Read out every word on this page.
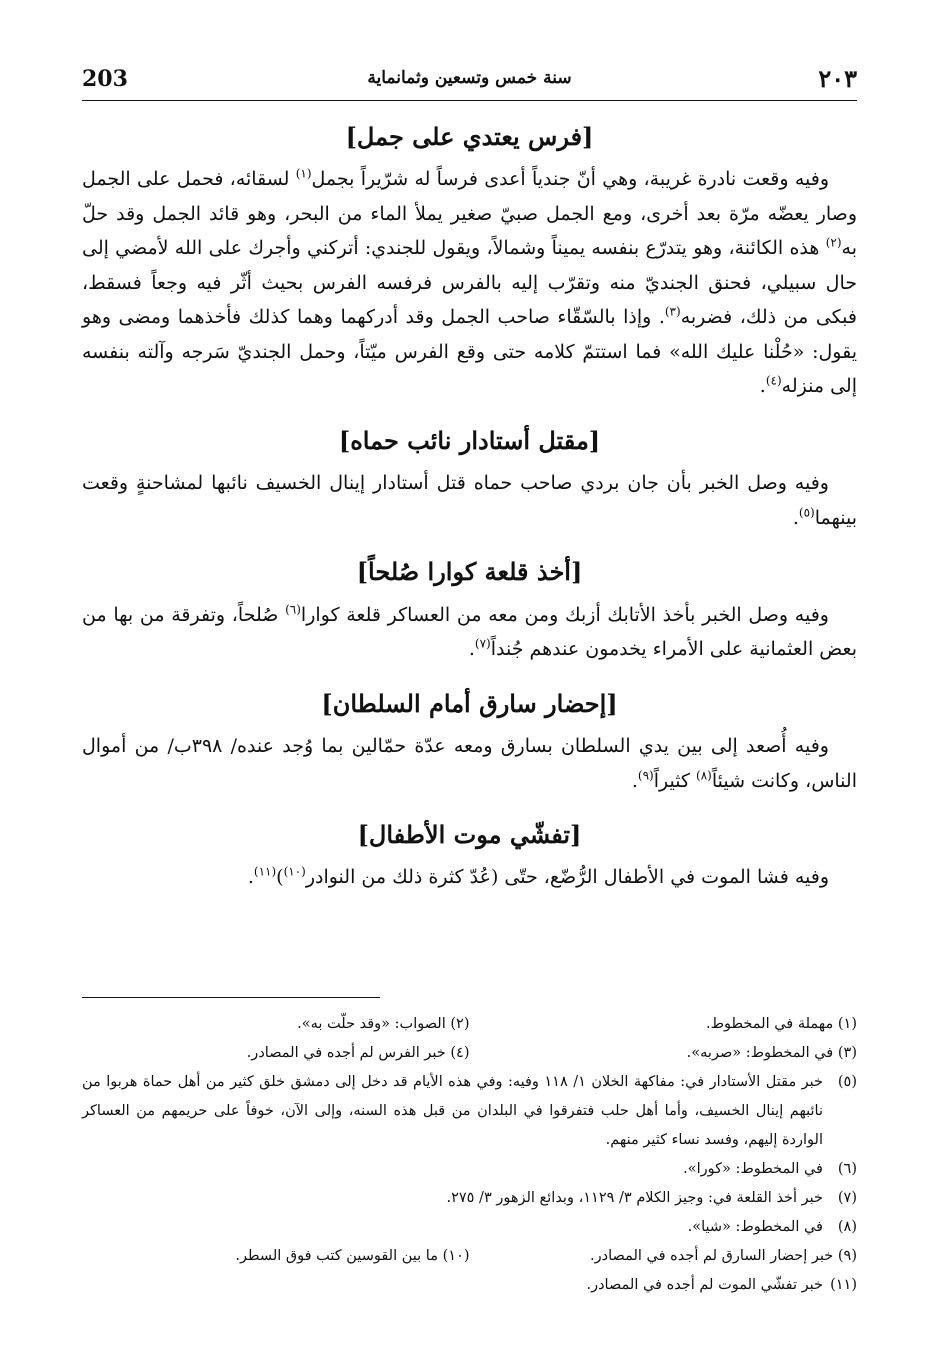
203	سنة خمس وتسعين وثمانماية	٢٠٣
[فرس يعتدي على جمل]

وفيه وقعت نادرة غريبة، وهي أنّ جندياً أعدى فرساً له شرّيراً بجمل$^{(١)}$ لسقائه، فحمل على الجمل وصار يعضّه مرّة بعد أخرى، ومع الجمل صبيّ صغير يملأ الماء من البحر، وهو قائد الجمل وقد حلّ به$^{(٢)}$ هذه الكائنة، وهو يتدرّع بنفسه يميناً وشمالاً، ويقول للجندي: أتركني وأجرك على الله لأمضي إلى حال سبيلي، فحنق الجنديّ منه وتقرّب إليه بالفرس فرفسه الفرس بحيث أثّر فيه وجعاً فسقط، فبكى من ذلك، فضربه$^{(٣)}$. وإذا بالسّقّاء صاحب الجمل وقد أدركهما وهما كذلك فأخذهما ومضى وهو يقول: «حُلْنا عليك الله» فما استتمّ كلامه حتى وقع الفرس ميّتاً، وحمل الجنديّ سَرجه وآلته بنفسه إلى منزله$^{(٤)}$.

[مقتل أستادار نائب حماه]

وفيه وصل الخبر بأن جان بردي صاحب حماه قتل أستادار إينال الخسيف نائبها لمشاحنةٍ وقعت بينهما$^{(٥)}$.

[أخذ قلعة كوارا صُلحاً]

وفيه وصل الخبر بأخذ الأتابك أزبك ومن معه من العساكر قلعة كوارا$^{(٦)}$ صُلحاً، وتفرقة من بها من بعض العثمانية على الأمراء يخدمون عندهم جُنداً$^{(٧)}$.

[إحضار سارق أمام السلطان]

وفيه أُصعد إلى بين يدي السلطان بسارق ومعه عدّة حمّالين بما وُجد عنده/ ٣٩٨ب/ من أموال الناس، وكانت شيئاً$^{(٨)}$ كثيراً$^{(٩)}$.

[تفشّي موت الأطفال]

وفيه فشا الموت في الأطفال الرُّضّع، حتّى (عُدّ كثرة ذلك من النوادر$^{(١٠)}$)$^{(١١)}$.

(١) مهملة في المخطوط.
(٢) الصواب: «وقد حلّت به».
(٣) في المخطوط: «صربه».
(٤) خبر الفرس لم أجده في المصادر.
(٥)
خبر مقتل الأستادار في: مفاكهة الخلان ١/ ١١٨ وفيه: وفي هذه الأيام قد دخل إلى دمشق خلق كثير من أهل حماة هربوا من نائبهم إينال الخسيف، وأما أهل حلب فتفرقوا في البلدان من قبل هذه السنه، وإلى الآن، خوفاً على حريمهم من العساكر الواردة إليهم، وفسد نساء كثير منهم.
(٦)
في المخطوط: «كورا».
(٧)
خبر أخذ القلعة في: وجيز الكلام ٣/ ١١٢٩، وبدائع الزهور ٣/ ٢٧٥.
(٨)
في المخطوط: «شيا».
(٩) خبر إحضار السارق لم أجده في المصادر.
(١٠) ما بين القوسين كتب فوق السطر.
(١١)
خبر تفشّي الموت لم أجده في المصادر.
